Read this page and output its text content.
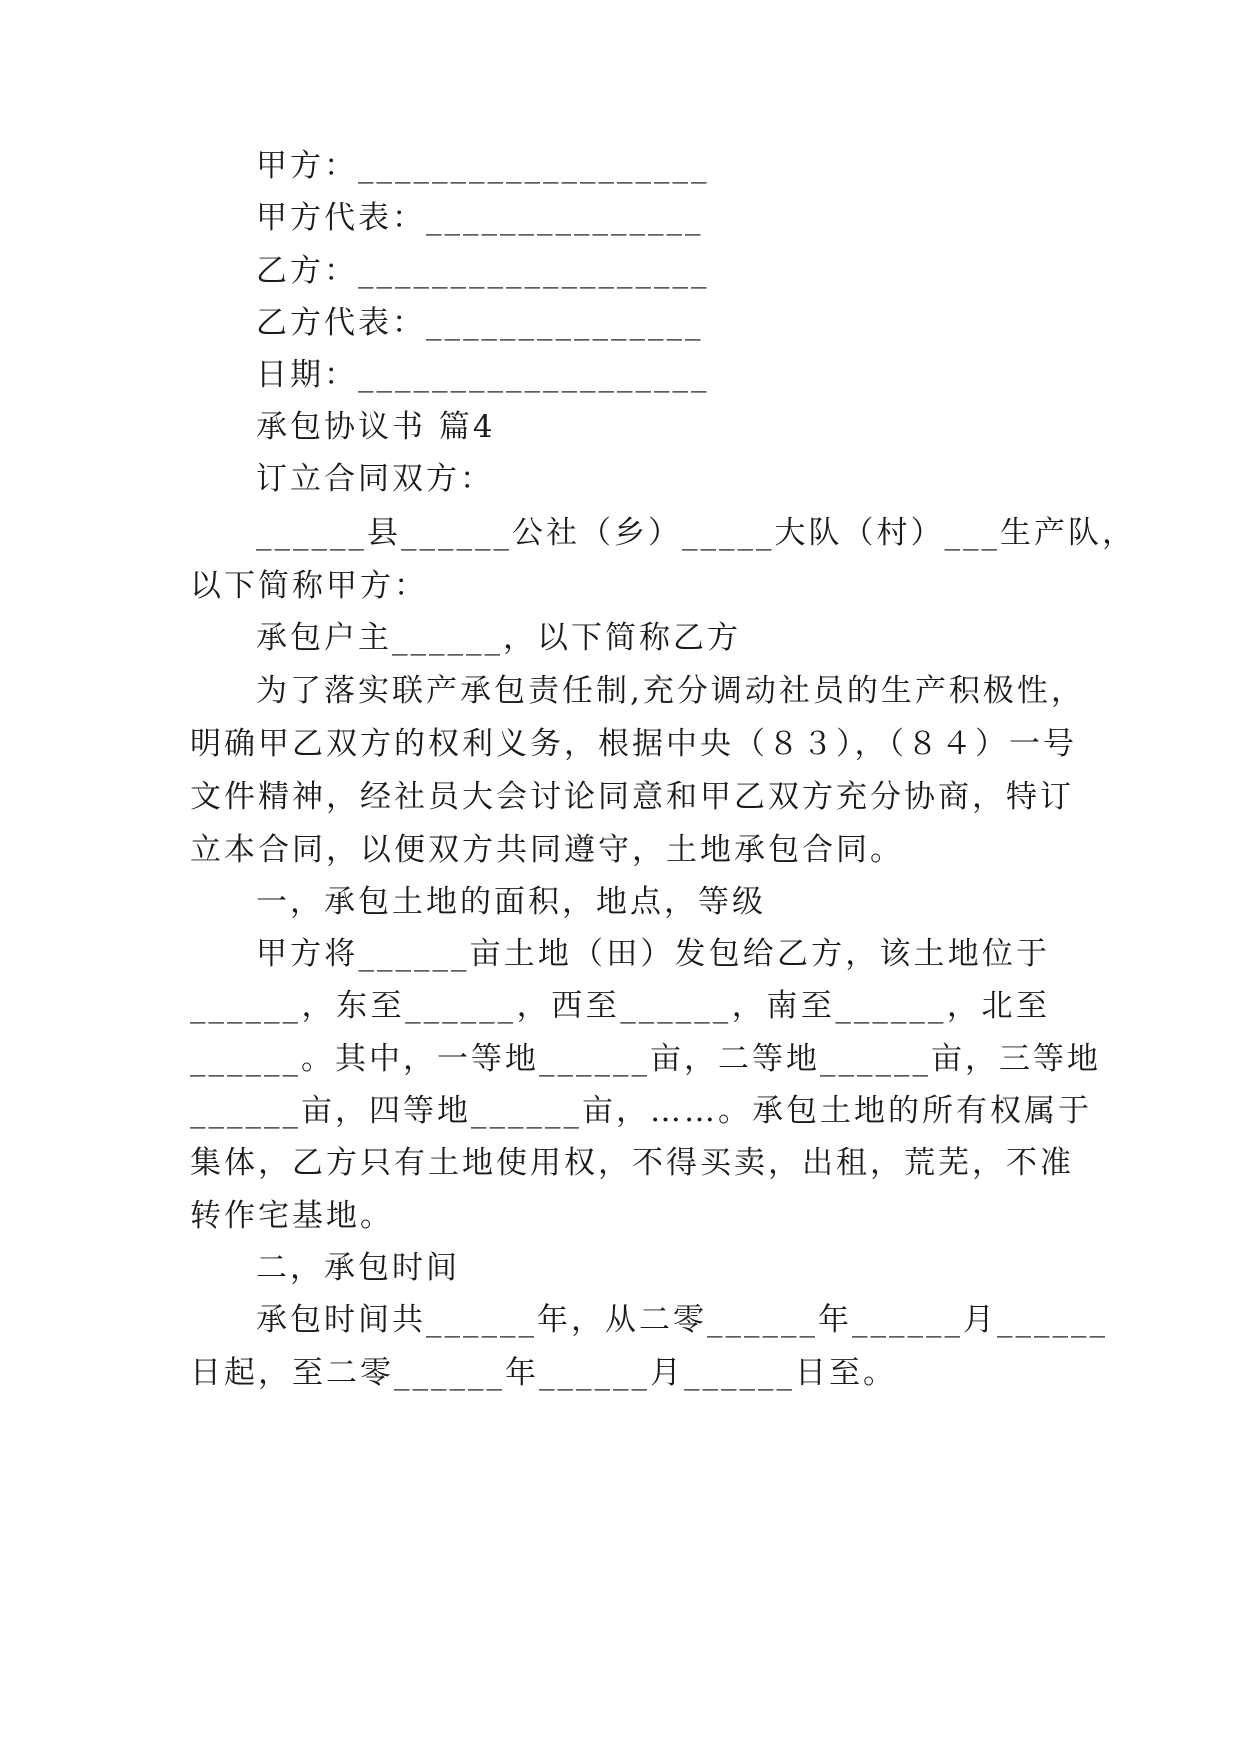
甲方：___________________
甲方代表：_______________
乙方：___________________
乙方代表：_______________
日期：___________________
承包协议书 篇4
订立合同双方：
______县______公社（乡）_____大队（村）___生产队，
以下简称甲方：
承包户主______，以下简称乙方
为了落实联产承包责任制,充分调动社员的生产积极性，
明确甲乙双方的权利义务，根据中央（８３），（８４）一号
文件精神，经社员大会讨论同意和甲乙双方充分协商，特订
立本合同，以便双方共同遵守，土地承包合同。
一，承包土地的面积，地点，等级
甲方将______亩土地（田）发包给乙方，该土地位于
______，东至______，西至______，南至______，北至
______。其中，一等地______亩，二等地______亩，三等地
______亩，四等地______亩，……。承包土地的所有权属于
集体，乙方只有土地使用权，不得买卖，出租，荒芜，不准
转作宅基地。
二，承包时间
承包时间共______年，从二零______年______月______
日起，至二零______年______月______日至。
